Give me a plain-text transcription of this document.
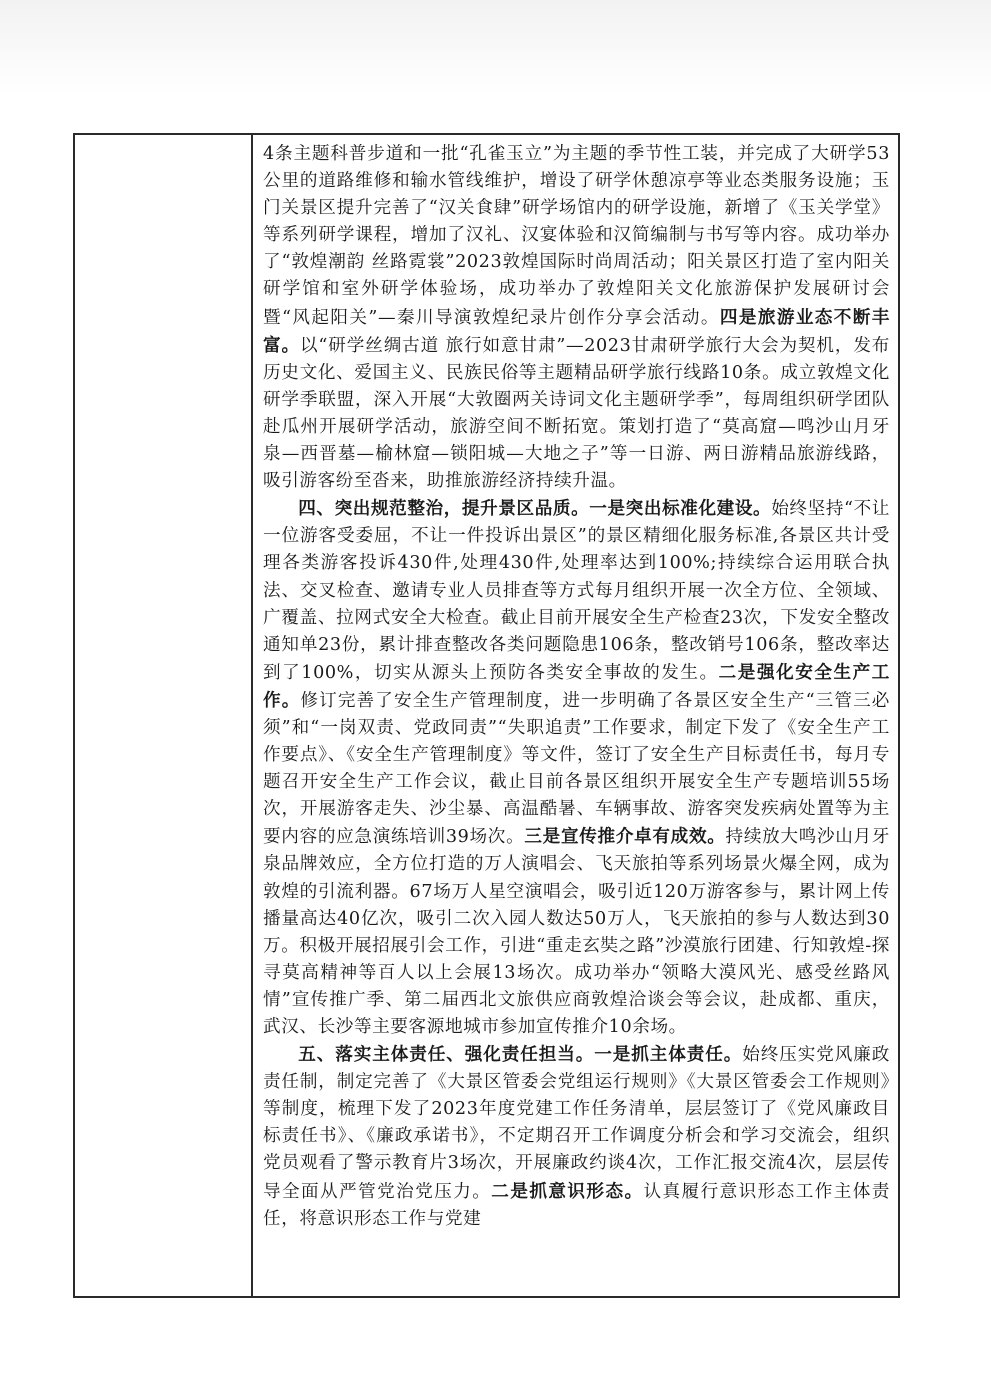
4条主题科普步道和一批“孔雀玉立”为主题的季节性工装，并完成了大研学53公里的道路维修和输水管线维护，增设了研学休憩凉亭等业态类服务设施；玉门关景区提升完善了“汉关食肆”研学场馆内的研学设施，新增了《玉关学堂》等系列研学课程，增加了汉礼、汉宴体验和汉简编制与书写等内容。成功举办了“敦煌潮韵 丝路霓裳”2023敦煌国际时尚周活动；阳关景区打造了室内阳关研学馆和室外研学体验场，成功举办了敦煌阳关文化旅游保护发展研讨会暨“风起阳关”—秦川导演敦煌纪录片创作分享会活动。四是旅游业态不断丰富。以“研学丝绸古道 旅行如意甘肃”—2023甘肃研学旅行大会为契机，发布历史文化、爱国主义、民族民俗等主题精品研学旅行线路10条。成立敦煌文化研学季联盟，深入开展“大敦圈两关诗词文化主题研学季”，每周组织研学团队赴瓜州开展研学活动，旅游空间不断拓宽。策划打造了“莫高窟—鸣沙山月牙泉—西晋墓—榆林窟—锁阳城—大地之子”等一日游、两日游精品旅游线路，吸引游客纷至沓来，助推旅游经济持续升温。

四、突出规范整治，提升景区品质。一是突出标准化建设。始终坚持“不让一位游客受委屈，不让一件投诉出景区”的景区精细化服务标准,各景区共计受理各类游客投诉430件,处理430件,处理率达到100%;持续综合运用联合执法、交叉检查、邀请专业人员排查等方式每月组织开展一次全方位、全领域、广覆盖、拉网式安全大检查。截止目前开展安全生产检查23次，下发安全整改通知单23份，累计排查整改各类问题隐患106条，整改销号106条，整改率达到了100%，切实从源头上预防各类安全事故的发生。二是强化安全生产工作。修订完善了安全生产管理制度，进一步明确了各景区安全生产“三管三必须”和“一岗双责、党政同责”“失职追责”工作要求，制定下发了《安全生产工作要点》、《安全生产管理制度》等文件，签订了安全生产目标责任书，每月专题召开安全生产工作会议，截止目前各景区组织开展安全生产专题培训55场次，开展游客走失、沙尘暴、高温酷暑、车辆事故、游客突发疾病处置等为主要内容的应急演练培训39场次。三是宣传推介卓有成效。持续放大鸣沙山月牙泉品牌效应，全方位打造的万人演唱会、飞天旅拍等系列场景火爆全网，成为敦煌的引流利器。67场万人星空演唱会，吸引近120万游客参与，累计网上传播量高达40亿次，吸引二次入园人数达50万人，飞天旅拍的参与人数达到30万。积极开展招展引会工作，引进“重走玄奘之路”沙漠旅行团建、行知敦煌-探寻莫高精神等百人以上会展13场次。成功举办“领略大漠风光、感受丝路风情”宣传推广季、第二届西北文旅供应商敦煌洽谈会等会议，赴成都、重庆，武汉、长沙等主要客源地城市参加宣传推介10余场。

五、落实主体责任、强化责任担当。一是抓主体责任。始终压实党风廉政责任制，制定完善了《大景区管委会党组运行规则》《大景区管委会工作规则》等制度，梳理下发了2023年度党建工作任务清单，层层签订了《党风廉政目标责任书》、《廉政承诺书》，不定期召开工作调度分析会和学习交流会，组织党员观看了警示教育片3场次，开展廉政约谈4次，工作汇报交流4次，层层传导全面从严管党治党压力。二是抓意识形态。认真履行意识形态工作主体责任，将意识形态工作与党建
